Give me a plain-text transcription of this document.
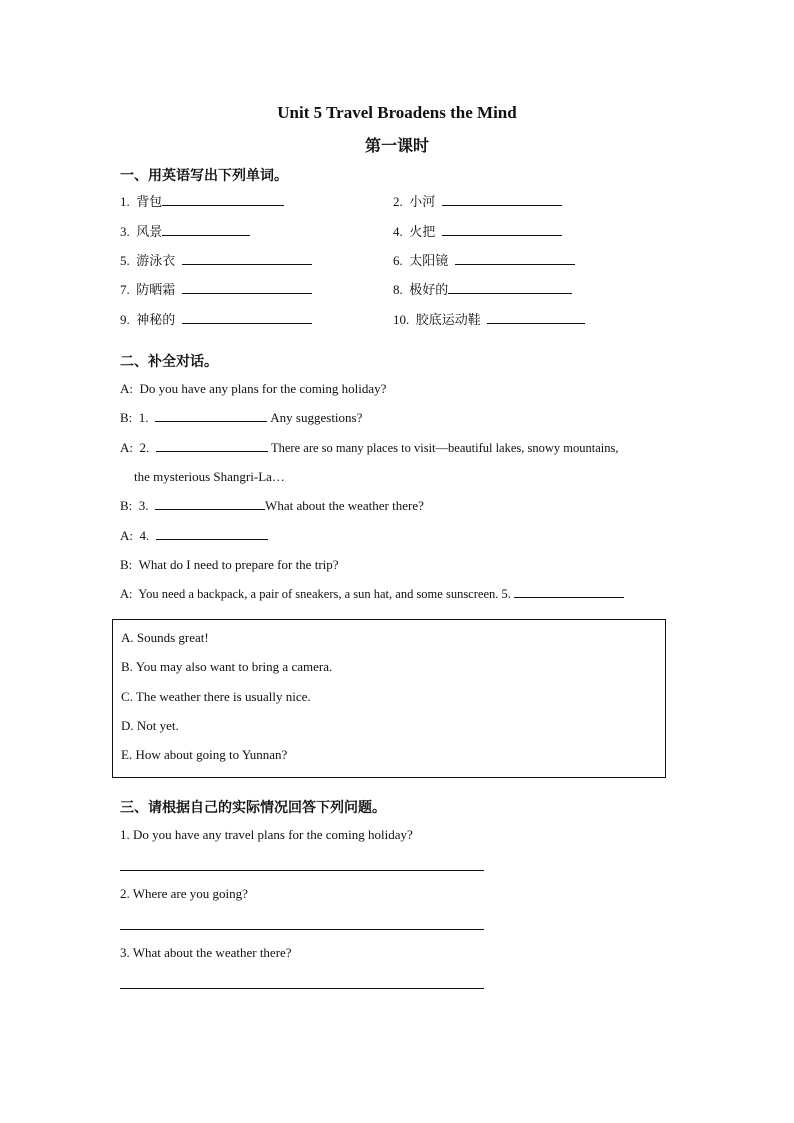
Unit 5 Travel Broadens the Mind
第一课时
一、用英语写出下列单词。
1. 背包	2. 小河
3. 风景	4. 火把
5. 游泳衣	6. 太阳镜
7. 防晒霜	8. 极好的
9. 神秘的	10. 胶底运动鞋
二、补全对话。
A: Do you have any plans for the coming holiday?
B: 1.	Any suggestions?
A: 2.	There are so many places to visit—beautiful lakes, snowy mountains,
the mysterious Shangri-La…
B: 3.	What about the weather there?
A: 4.
B: What do I need to prepare for the trip?
A: You need a backpack, a pair of sneakers, a sun hat, and some sunscreen. 5.
A. Sounds great!
B. You may also want to bring a camera.
C. The weather there is usually nice.
D. Not yet.
E. How about going to Yunnan?
三、请根据自己的实际情况回答下列问题。
1. Do you have any travel plans for the coming holiday?
2. Where are you going?
3. What about the weather there?
